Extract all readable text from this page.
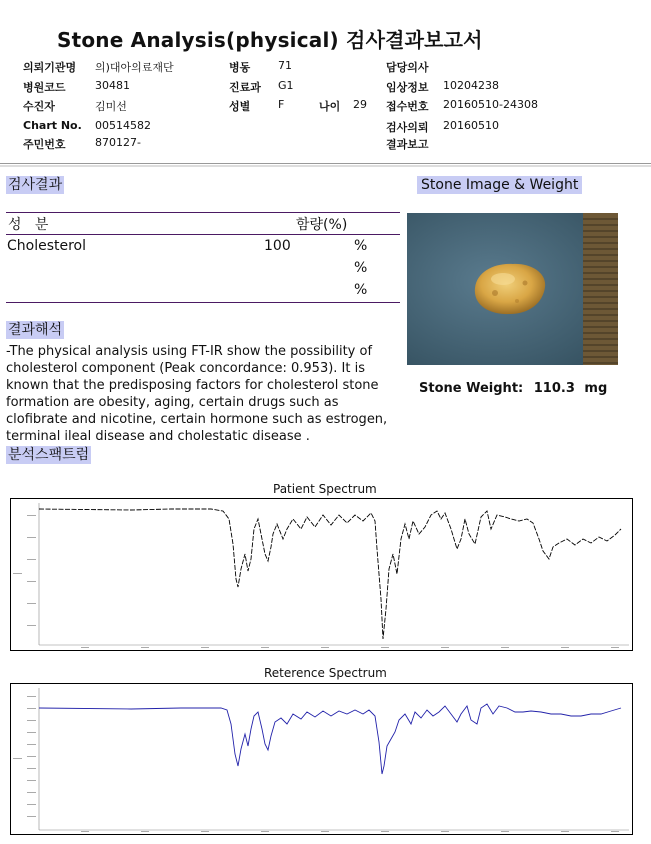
Stone Analysis(physical) 검사결과보고서
의뢰기관명 의)대아의료재단
병원코드	30481
수진자	김미선
Chart No. 00514582
주민번호	870127-
병동	71
진료과 G1
성별	F	나이 29
담당의사
임상정보 10204238
접수번호 20160510-24308
검사의뢰 20160510
결과보고
검사결과
성   분	함량(%)
Cholesterol	100	%
%
%
결과해석
-The physical analysis using FT-IR show the possibility of cholesterol component (Peak concordance: 0.953). It is known that the predisposing factors for cholesterol stone formation are obesity, aging, certain drugs such as clofibrate and nicotine, certain hormone such as estrogen, terminal ileal disease and cholestatic disease .
Stone Image & Weight
Stone Weight: 110.3 mg
분석스팩트럼
Patient Spectrum
Reterence Spectrum
